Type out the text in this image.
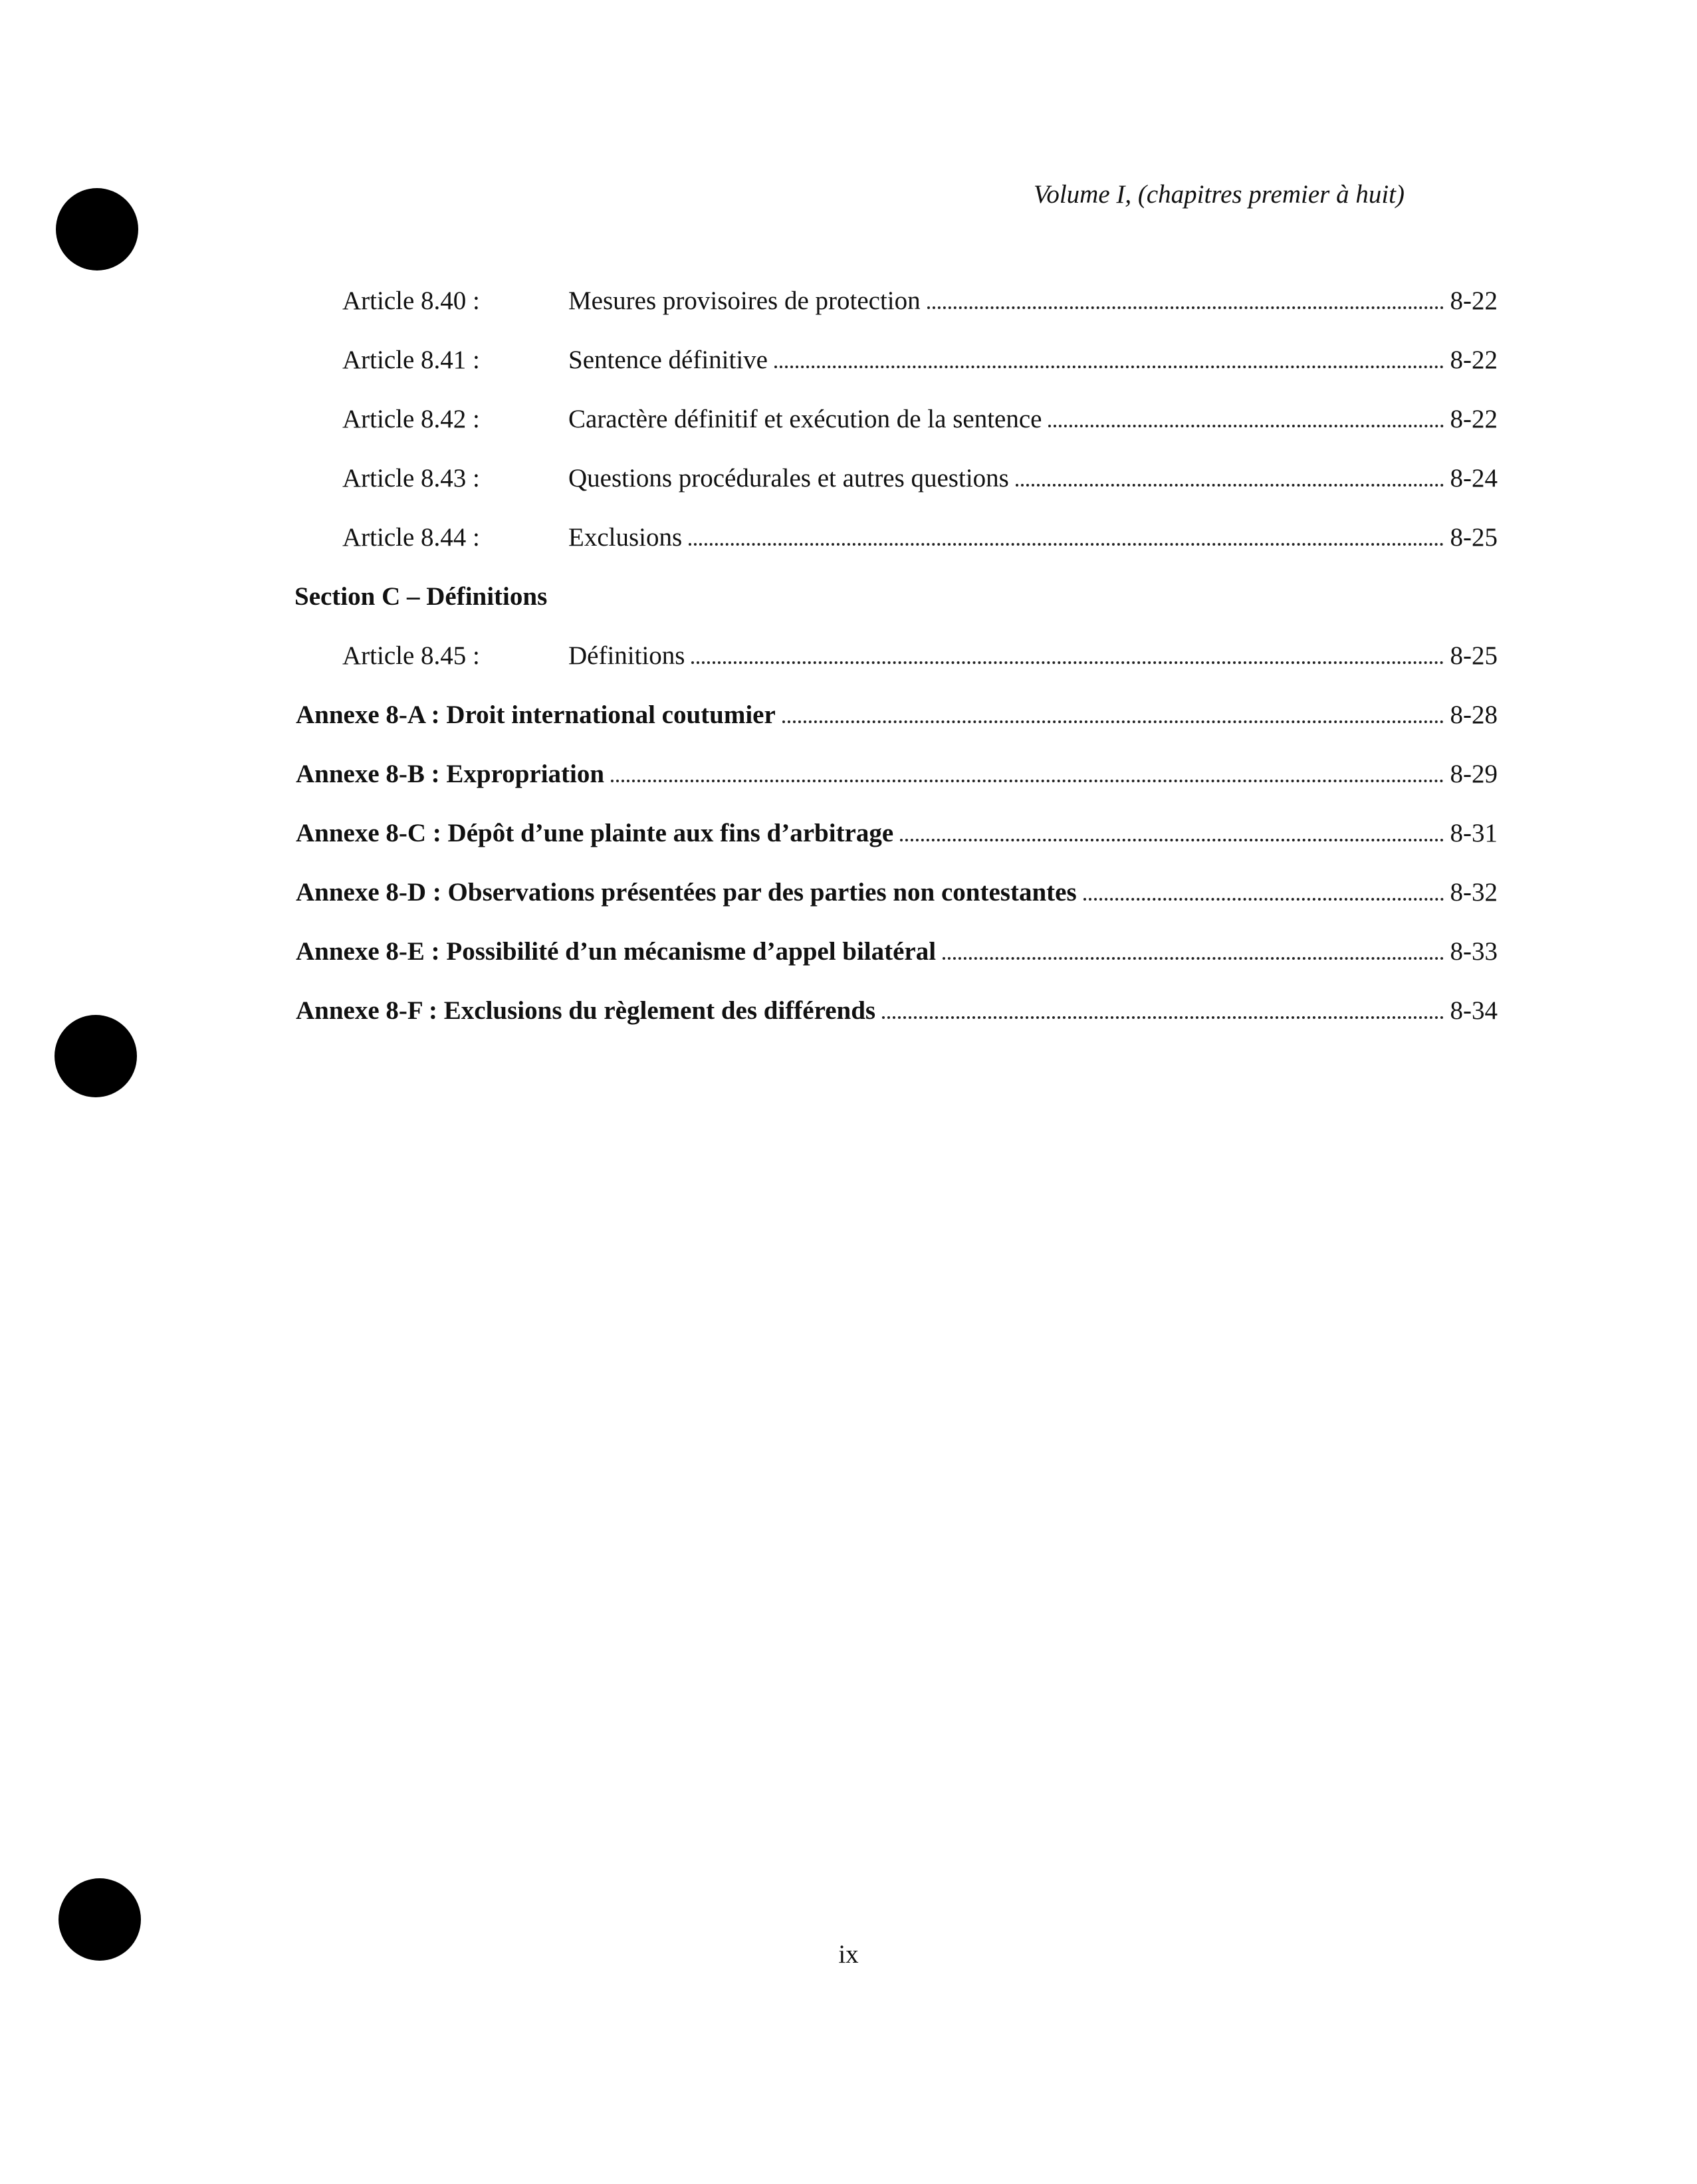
Volume I, (chapitres premier à huit)
Article 8.40 :	Mesures provisoires de protection	8-22
Article 8.41 :	Sentence définitive	8-22
Article 8.42 :	Caractère définitif et exécution de la sentence	8-22
Article 8.43 :	Questions procédurales et autres questions	8-24
Article 8.44 :	Exclusions	8-25
Section C – Définitions
Article 8.45 :	Définitions	8-25
Annexe 8-A : Droit international coutumier	8-28
Annexe 8-B : Expropriation	8-29
Annexe 8-C : Dépôt d’une plainte aux fins d’arbitrage	8-31
Annexe 8-D : Observations présentées par des parties non contestantes	8-32
Annexe 8-E : Possibilité d’un mécanisme d’appel bilatéral	8-33
Annexe 8-F : Exclusions du règlement des différends	8-34
ix
